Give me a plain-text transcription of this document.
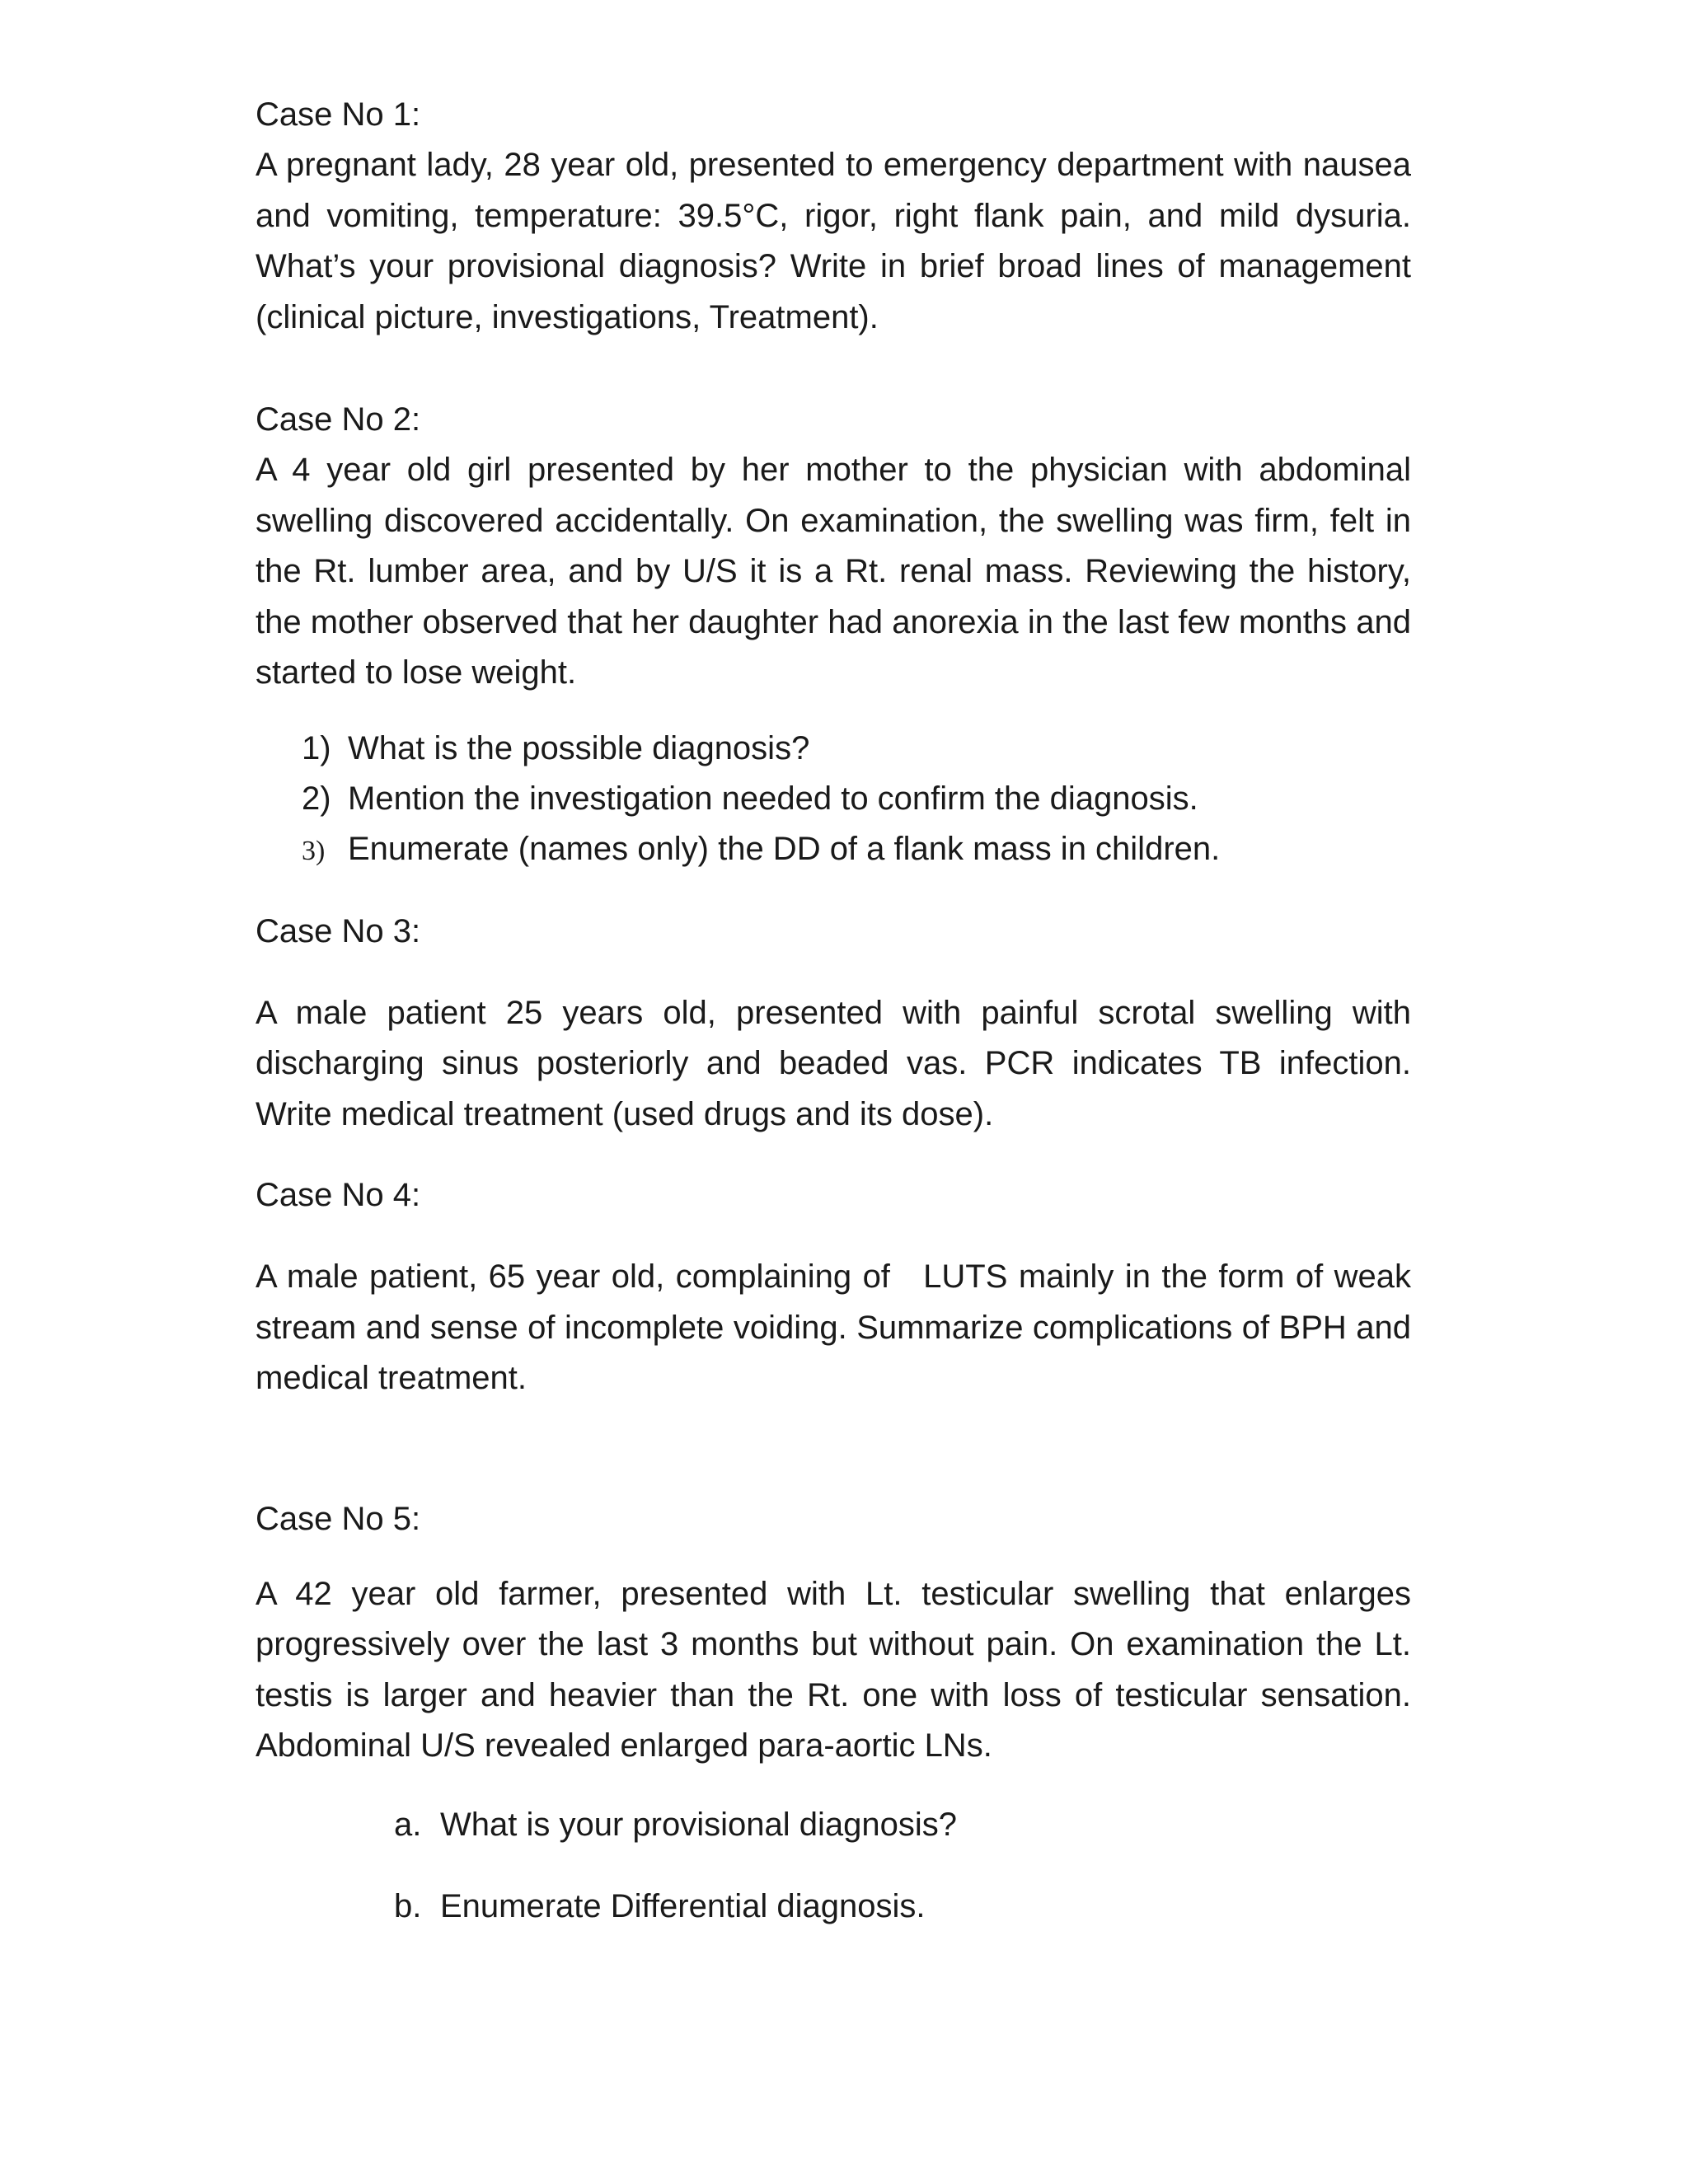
Case No 1:

A pregnant lady, 28 year old, presented to emergency department with nausea and vomiting, temperature: 39.5°C, rigor, right flank pain, and mild dysuria. What’s your provisional diagnosis? Write in brief broad lines of management (clinical picture, investigations, Treatment).

Case No 2:

A 4 year old girl presented by her mother to the physician with abdominal swelling discovered accidentally. On examination, the swelling was firm, felt in the Rt. lumber area, and by U/S it is a Rt. renal mass. Reviewing the history, the mother observed that her daughter had anorexia in the last few months and started to lose weight.

1) What is the possible diagnosis?
2) Mention the investigation needed to confirm the diagnosis.
3) Enumerate (names only) the DD of a flank mass in children.
Case No 3:

A male patient 25 years old, presented with painful scrotal swelling with discharging sinus posteriorly and beaded vas. PCR indicates TB infection. Write medical treatment (used drugs and its dose).

Case No 4:

A male patient, 65 year old, complaining of   LUTS mainly in the form of weak stream and sense of incomplete voiding. Summarize complications of BPH and medical treatment.

Case No 5:

A 42 year old farmer, presented with Lt. testicular swelling that enlarges progressively over the last 3 months but without pain. On examination the Lt. testis is larger and heavier than the Rt. one with loss of testicular sensation. Abdominal U/S revealed enlarged para-aortic LNs.

a. What is your provisional diagnosis?
b. Enumerate Differential diagnosis.
